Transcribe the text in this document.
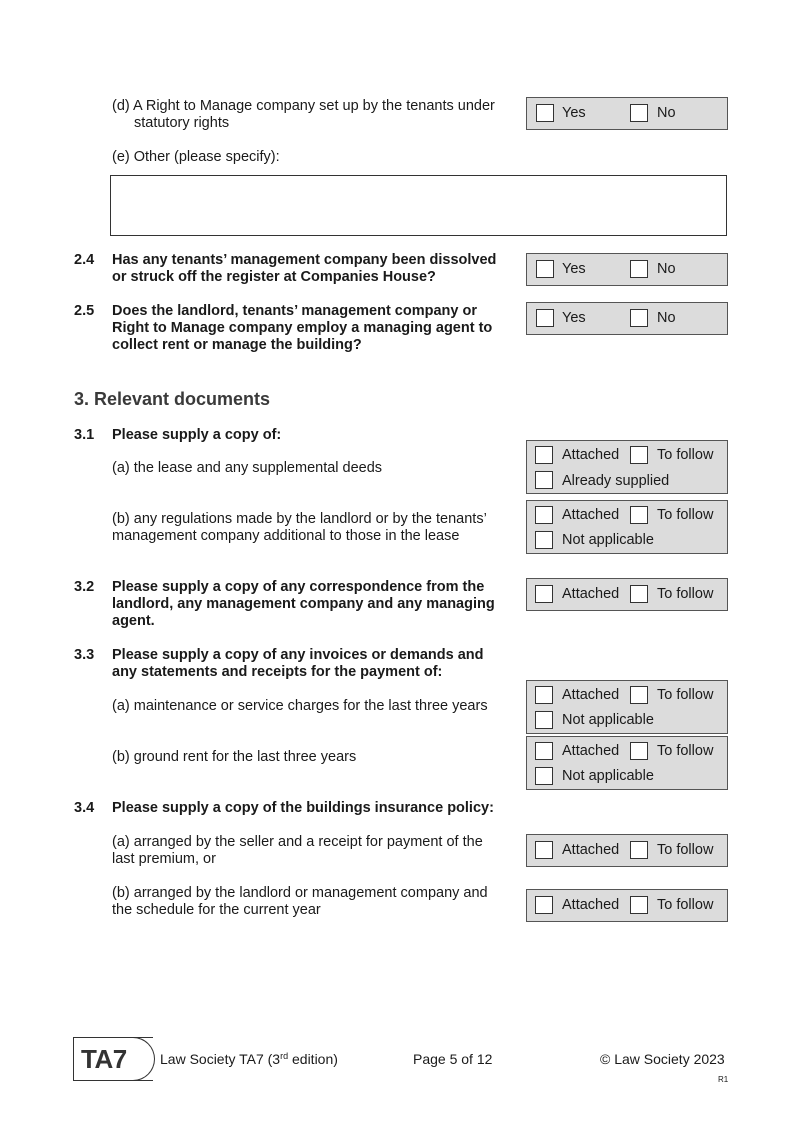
(d) A Right to Manage company set up by the tenants under statutory rights
Yes	No
(e) Other (please specify):
2.4 Has any tenants’ management company been dissolved or struck off the register at Companies House?	Yes	No
2.5 Does the landlord, tenants’ management company or Right to Manage company employ a managing agent to collect rent or manage the building?
Yes	No
3. Relevant documents
3.1 Please supply a copy of:
(a) the lease and any supplemental deeds
Attached	To follow
Already supplied
(b) any regulations made by the landlord or by the tenants’ management company additional to those in the lease
Attached	To follow
Not applicable
3.2 Please supply a copy of any correspondence from the landlord, any management company and any managing agent.
Attached	To follow
3.3 Please supply a copy of any invoices or demands and any statements and receipts for the payment of:
(a) maintenance or service charges for the last three years
Attached	To follow
Not applicable
(b) ground rent for the last three years	Attached	To follow
Not applicable
3.4 Please supply a copy of the buildings insurance policy:
(a) arranged by the seller and a receipt for payment of the last premium, or
Attached	To follow
(b) arranged by the landlord or management company and the schedule for the current year	Attached	To follow
TA7 Law Society TA7 (3rd edition)	Page 5 of 12	© Law Society 2023
R1
